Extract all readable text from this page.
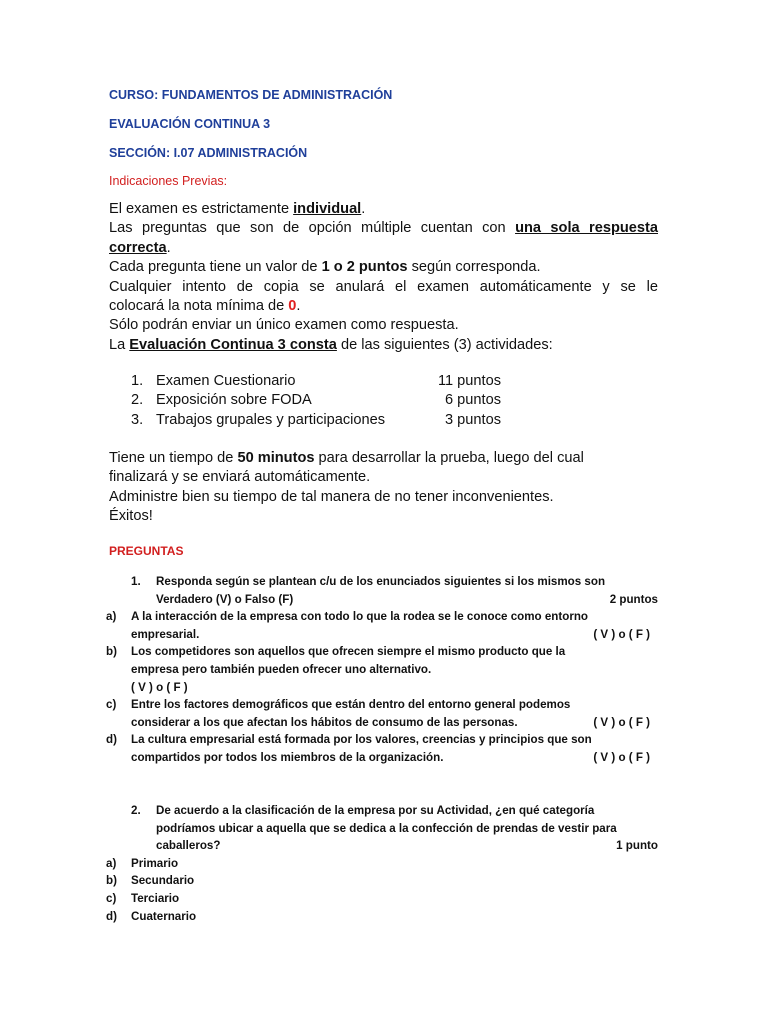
CURSO: FUNDAMENTOS DE ADMINISTRACIÓN
EVALUACIÓN CONTINUA 3
SECCIÓN: I.07 ADMINISTRACIÓN
Indicaciones Previas:

El examen es estrictamente individual.

Las preguntas que son de opción múltiple cuentan con una sola respuesta

correcta.

Cada pregunta tiene un valor de 1 o 2 puntos según corresponda.

Cualquier intento de copia se anulará el examen automáticamente y se le

colocará la nota mínima de 0.

Sólo podrán enviar un único examen como respuesta.

La Evaluación Continua 3 consta de las siguientes (3) actividades:

1. Examen Cuestionario	11 puntos
2. Exposición sobre FODA	6 puntos
3. Trabajos grupales y participaciones	3 puntos

Tiene un tiempo de 50 minutos para desarrollar la prueba, luego del cual

finalizará y se enviará automáticamente.

Administre bien su tiempo de tal manera de no tener inconvenientes.

Éxitos!

PREGUNTAS
1. Responda según se plantean c/u de los enunciados siguientes si los mismos son
Verdadero (V) o Falso (F)	2 puntos
a) A la interacción de la empresa con todo lo que la rodea se le conoce como entorno
empresarial.	( V ) o ( F )
b) Los competidores son aquellos que ofrecen siempre el mismo producto que la
empresa pero también pueden ofrecer uno alternativo.
( V ) o ( F )
c) Entre los factores demográficos que están dentro del entorno general podemos
considerar a los que afectan los hábitos de consumo de las personas.	( V ) o ( F )
d) La cultura empresarial está formada por los valores, creencias y principios que son
compartidos por todos los miembros de la organización.	( V ) o ( F )
2. De acuerdo a la clasificación de la empresa por su Actividad, ¿en qué categoría
podríamos ubicar a aquella que se dedica a la confección de prendas de vestir para
caballeros?	1 punto
a) Primario
b) Secundario
c) Terciario
d) Cuaternario
